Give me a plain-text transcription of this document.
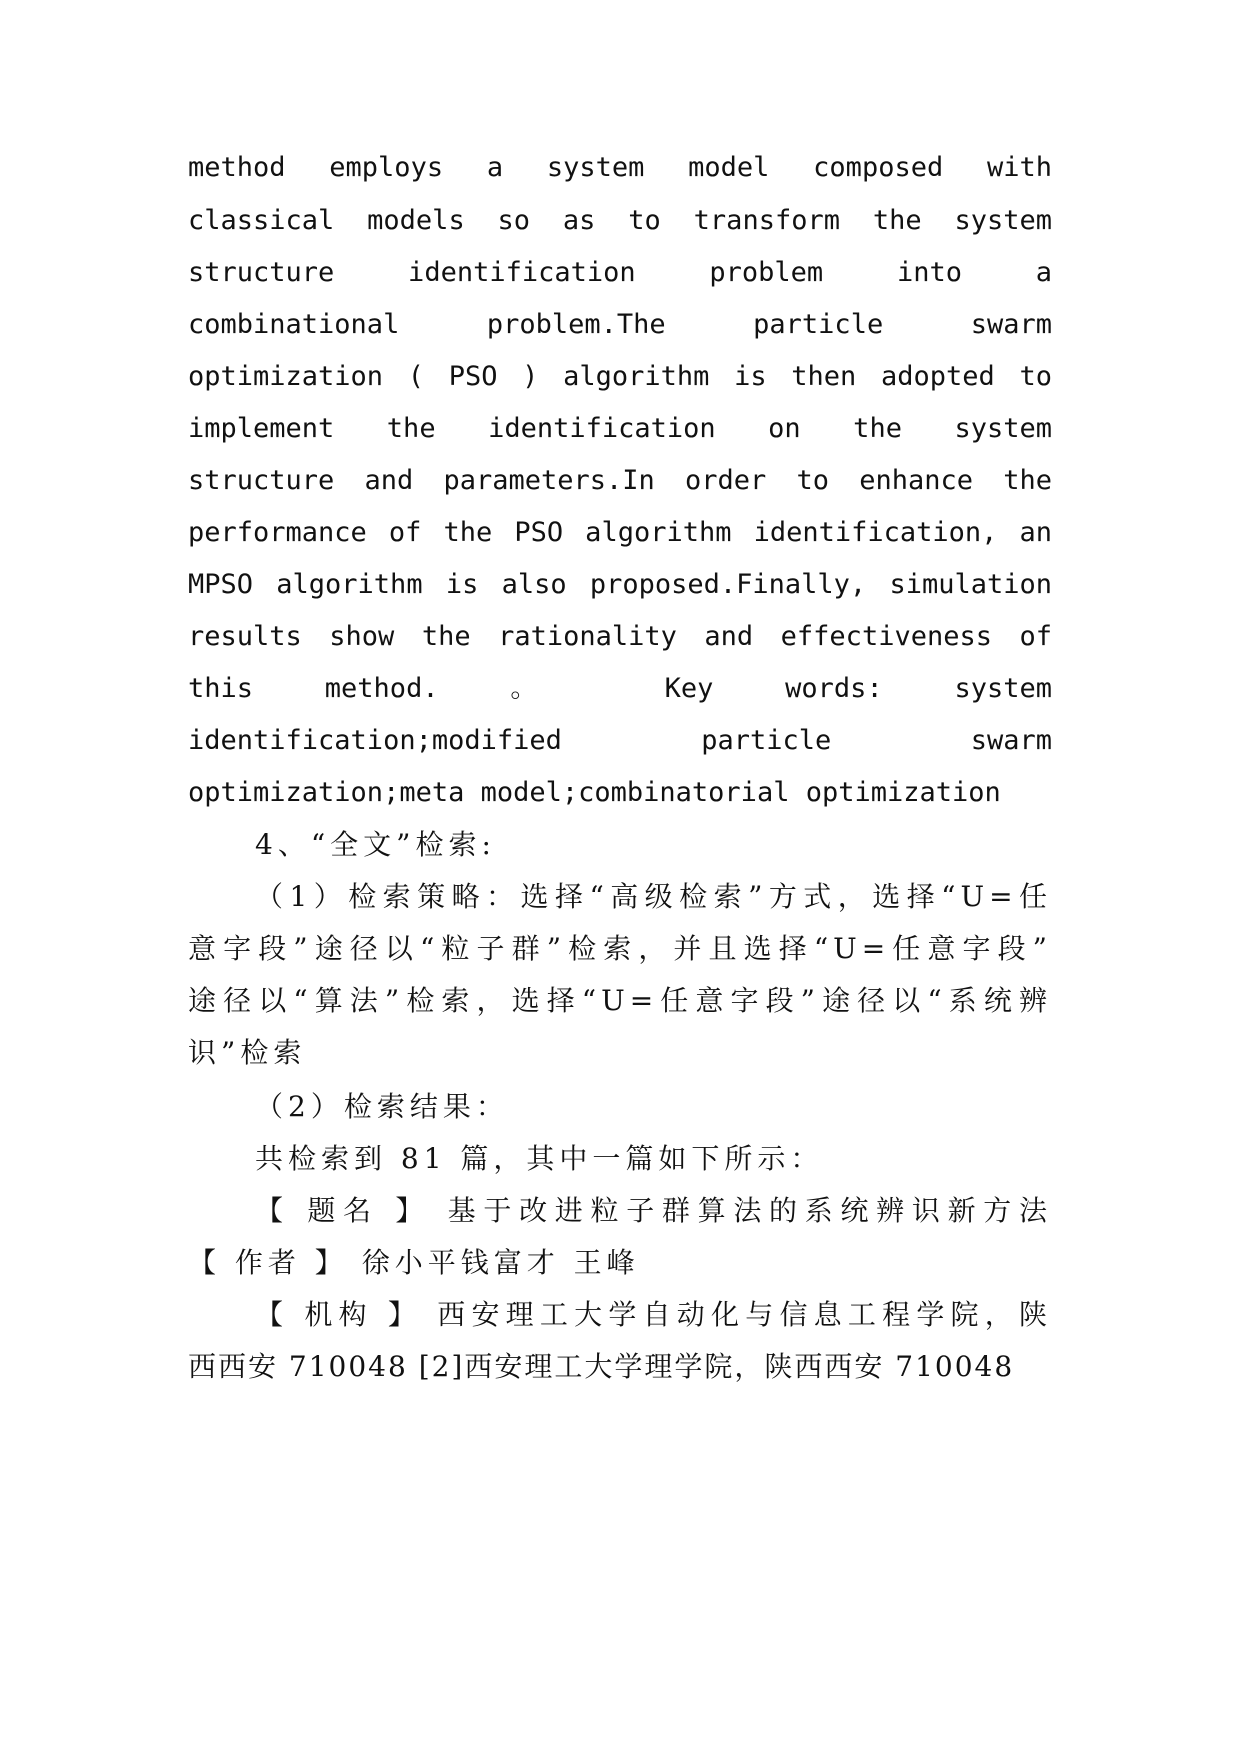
method employs a system model composed with
classical models so as to transform the system
structure identification problem into a
combinational problem.The particle swarm
optimization ( PSO ) algorithm is then adopted to
implement the identification on the system
structure and parameters.In order to enhance the
performance of the PSO algorithm identification, an
MPSO algorithm is also proposed.Finally, simulation
results show the rationality and effectiveness of
this method. 。 Key words: system
identification;modified particle swarm
optimization;meta model;combinatorial optimization
4、“全文”检索:
（1）检索策略：选择“高级检索”方式，选择“U=任
意字段”途径以“粒子群”检索，并且选择“U=任意字段”
途径以“算法”检索，选择“U=任意字段”途径以“系统辨
识”检索
（2）检索结果：
共检索到 81 篇，其中一篇如下所示：
【 题名 】 基于改进粒子群算法的系统辨识新方法
【 作者 】 徐小平钱富才 王峰
【 机构 】 西安理工大学自动化与信息工程学院，陕
西西安 710048 [2]西安理工大学理学院，陕西西安 710048
